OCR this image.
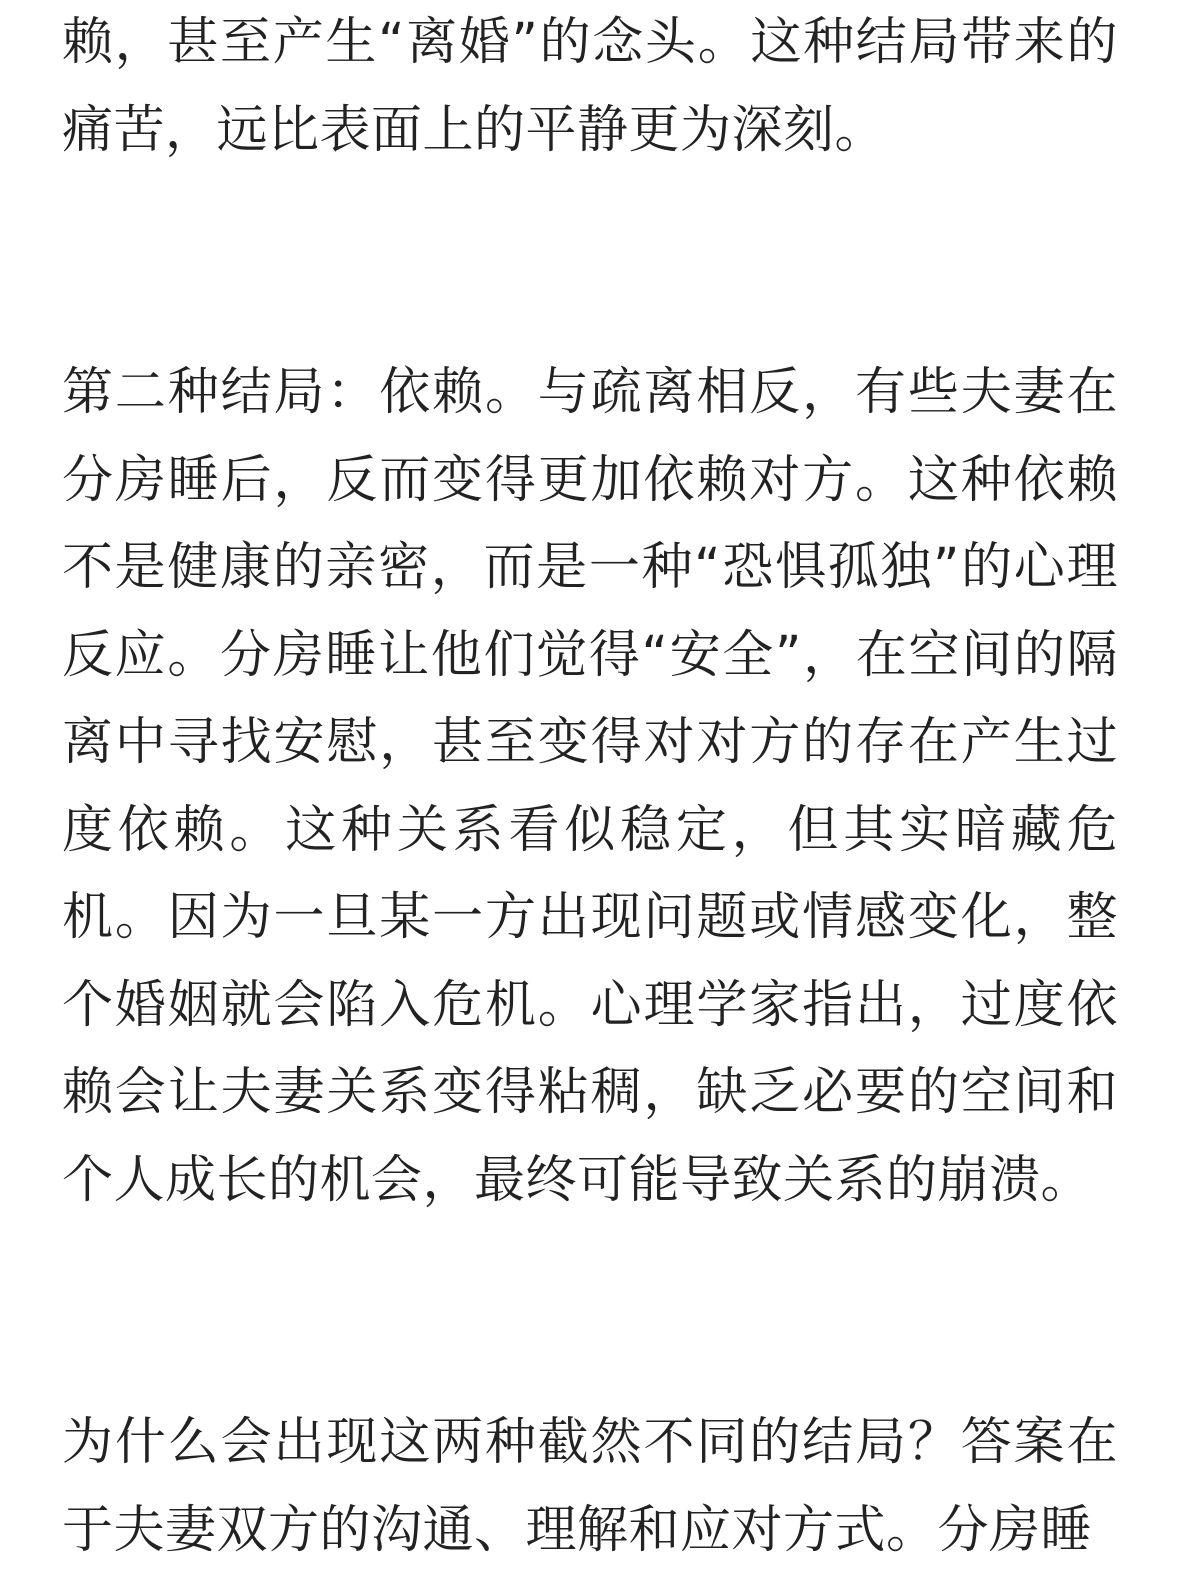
赖，甚至产生“离婚”的念头。这种结局带来的痛苦，远比表面上的平静更为深刻。

第二种结局：依赖。与疏离相反，有些夫妻在分房睡后，反而变得更加依赖对方。这种依赖不是健康的亲密，而是一种“恐惧孤独”的心理反应。分房睡让他们觉得“安全”，在空间的隔离中寻找安慰，甚至变得对对方的存在产生过度依赖。这种关系看似稳定，但其实暗藏危机。因为一旦某一方出现问题或情感变化，整个婚姻就会陷入危机。心理学家指出，过度依赖会让夫妻关系变得粘稠，缺乏必要的空间和个人成长的机会，最终可能导致关系的崩溃。

为什么会出现这两种截然不同的结局？答案在于夫妻双方的沟通、理解和应对方式。分房睡
